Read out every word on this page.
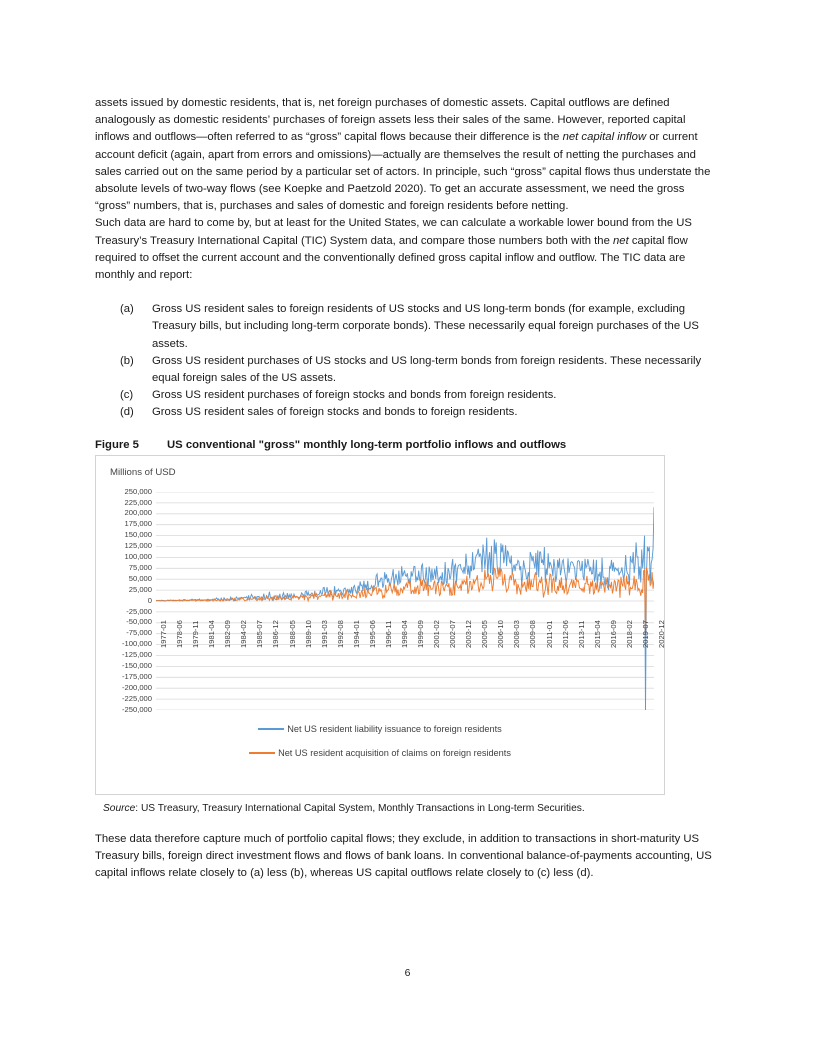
assets issued by domestic residents, that is, net foreign purchases of domestic assets. Capital outflows are defined analogously as domestic residents’ purchases of foreign assets less their sales of the same. However, reported capital inflows and outflows—often referred to as “gross” capital flows because their difference is the net capital inflow or current account deficit (again, apart from errors and omissions)—actually are themselves the result of netting the purchases and sales carried out on the same period by a particular set of actors. In principle, such “gross” capital flows thus understate the absolute levels of two-way flows (see Koepke and Paetzold 2020). To get an accurate assessment, we need the gross “gross” numbers, that is, purchases and sales of domestic and foreign residents before netting.

Such data are hard to come by, but at least for the United States, we can calculate a workable lower bound from the US Treasury’s Treasury International Capital (TIC) System data, and compare those numbers both with the net capital flow required to offset the current account and the conventionally defined gross capital inflow and outflow. The TIC data are monthly and report:

(a)	Gross US resident sales to foreign residents of US stocks and US long-term bonds (for example, excluding Treasury bills, but including long-term corporate bonds). These necessarily equal foreign purchases of the US assets.
(b)	Gross US resident purchases of US stocks and US long-term bonds from foreign residents. These necessarily equal foreign sales of the US assets.
(c)	Gross US resident purchases of foreign stocks and bonds from foreign residents.
(d)	Gross US resident sales of foreign stocks and bonds to foreign residents.
Figure 5 US conventional "gross" monthly long-term portfolio inflows and outflows
Millions of USD
250,000
225,000
200,000
175,000
150,000
125,000
100,000
75,000
50,000
25,000
0
-25,000
-50,000
-75,000
-100,000
-125,000
-150,000
-175,000
-200,000
-225,000
-250,000
1977-01 1978-06 1979-11 1981-04 1982-09 1984-02 1985-07 1986-12 1988-05 1989-10 1991-03 1992-08 1994-01 1995-06 1996-11 1998-04 1999-09 2001-02 2002-07 2003-12 2005-05 2006-10 2008-03 2009-08 2011-01 2012-06 2013-11 2015-04 2016-09 2018-02 2019-07 2020-12
Net US resident liability issuance to foreign residents
Net US resident acquisition of claims on foreign residents

Source: US Treasury, Treasury International Capital System, Monthly Transactions in Long-term Securities.

These data therefore capture much of portfolio capital flows; they exclude, in addition to transactions in short-maturity US Treasury bills, foreign direct investment flows and flows of bank loans. In conventional balance-of-payments accounting, US capital inflows relate closely to (a) less (b), whereas US capital outflows relate closely to (c) less (d).

6
